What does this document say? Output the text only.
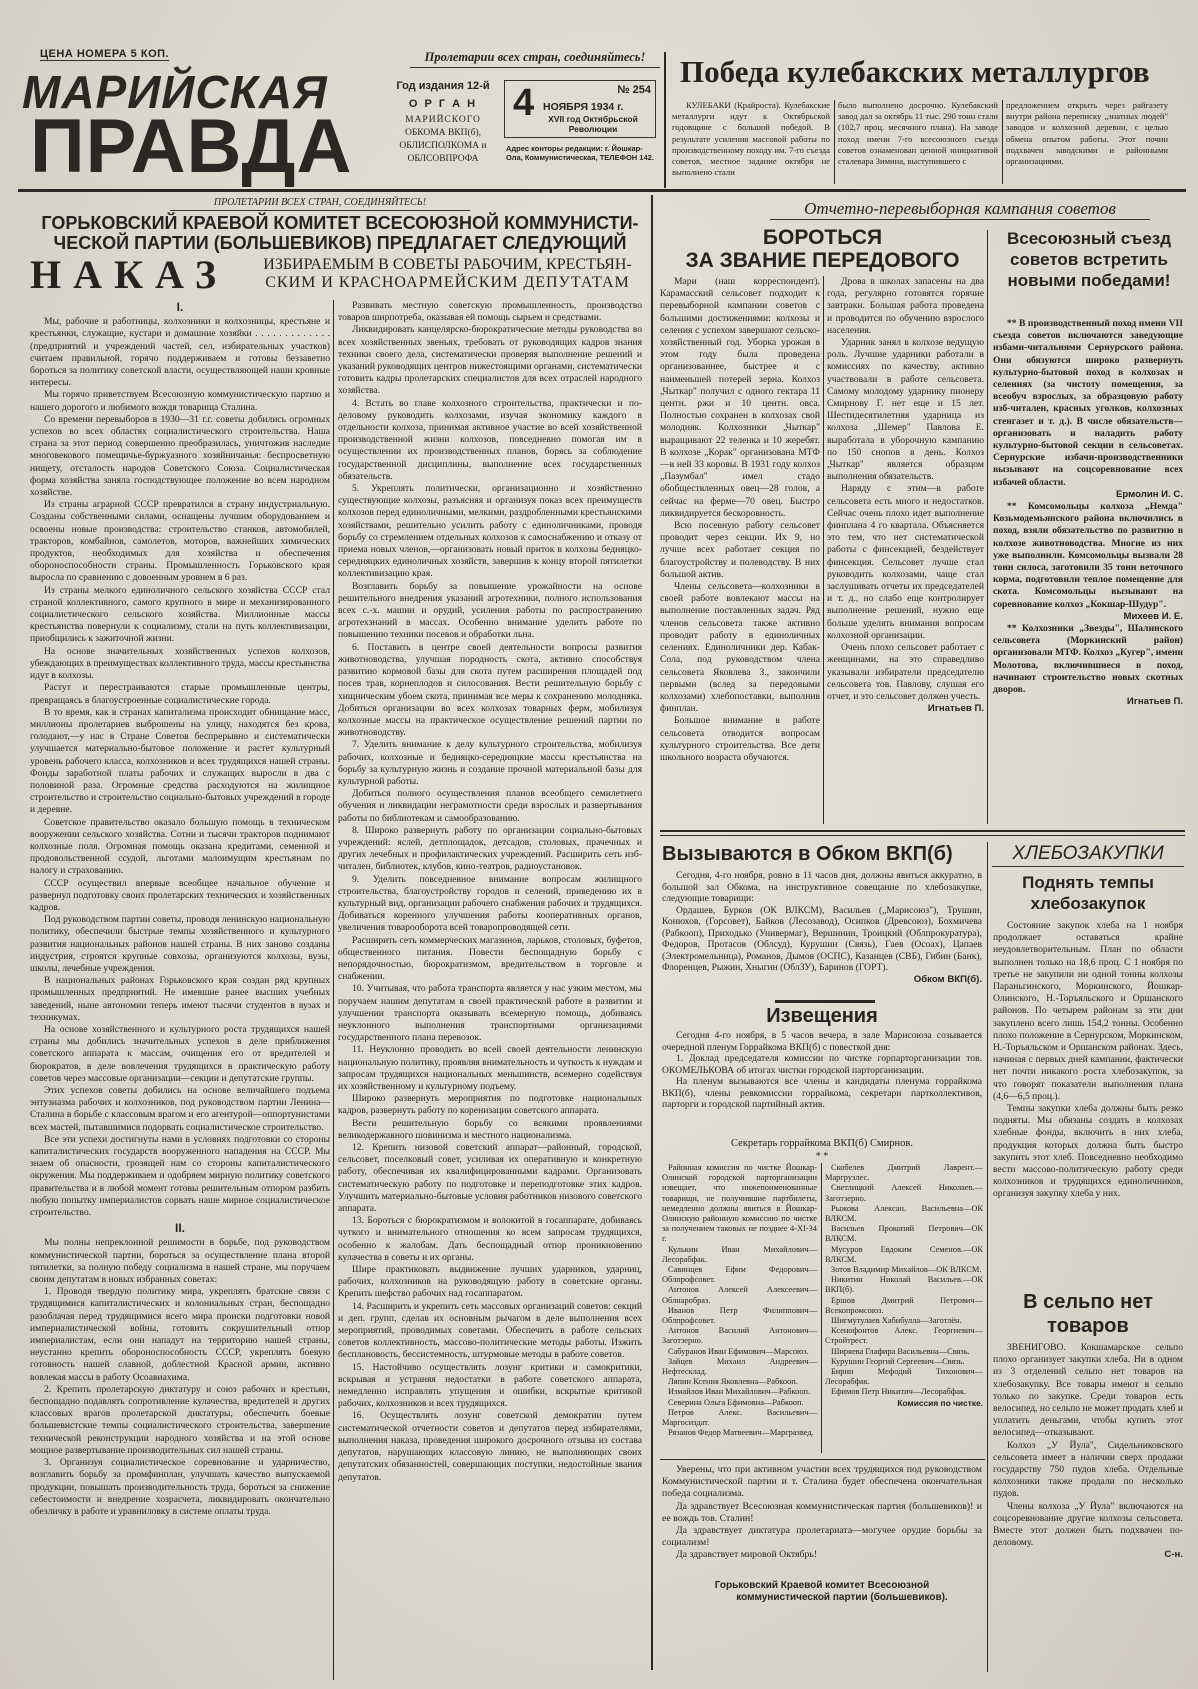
ЦЕНА НОМЕРА 5 КОП.	Пролетарии всех стран, соединяйтесь!
МАРИЙСКАЯ
ПРАВДА
Год издания 12-й
О Р Г А Н
МАРИЙСКОГО
ОБКОМА ВКП(б),
ОБЛИСПОЛКОМА и
ОБЛСОВПРОФА
4	№ 254
НОЯБРЯ 1934 г.
XVII год Октябрьской Революции
Адрес конторы редакции: г. Йошкар-Ола, Коммунистическая, ТЕЛЕФОН 142.
Победа кулебакских металлургов

КУЛЕБАКИ (Крайроста). Кулебакские металлурги идут к Октябрьской годовщине с большой победой. В результате усиления массовой работы по производственному походу им. 7-го съезда советов, местное задание октября не выполнено стали

было выполнено досрочно. Кулебакский завод дал за октябрь 11 тыс. 290 тонн стали (102,7 проц. месячного плана). На заводе поход имени 7-го всесоюзного съезда советов ознаменован ценной инициативой сталевара Зимина, выступившего с

предложением открыть через райгазету внутри района переписку „знатных людей" заводов и колхозной деревни, с целью обмена опытом работы. Этот почин подхвачен заводскими и районными организациями.

ПРОЛЕТАРИИ ВСЕХ СТРАН, СОЕДИНЯЙТЕСЬ!
ГОРЬКОВСКИЙ КРАЕВОЙ КОМИТЕТ ВСЕСОЮЗНОЙ КОММУНИСТИ-
ЧЕСКОЙ ПАРТИИ (БОЛЬШЕВИКОВ) ПРЕДЛАГАЕТ СЛЕДУЮЩИЙ
НАКАЗ	ИЗБИРАЕМЫМ В СОВЕТЫ РАБОЧИМ, КРЕСТЬЯН-
СКИМ И КРАСНОАРМЕЙСКИМ ДЕПУТАТАМ

I.

Мы, рабочие и работницы, колхозники и колхозницы, крестьяне и крестьянки, служащие, кустари и домашние хозяйки . . . . . . . . . . . . . (предприятий и учреждений частей, сел, избирательных участков) считаем правильной, горячо поддерживаем и готовы беззаветно бороться за политику советской власти, осуществляющей наши кровные интересы.

Мы горячо приветствуем Всесоюзную коммунистическую партию и нашего дорогого и любимого вождя товарища Сталина.

Со времени перевыборов в 1930—31 г.г. советы добились огромных успехов во всех областях социалистического строительства. Наша страна за этот период совершенно преобразилась, уничтожив наследие многовекового помещичье-буржуазного хозяйничанья: беспросветную нищету, отсталость народов Советского Союза. Социалистическая форма хозяйства заняла господствующее положение во всем народном хозяйстве.

Из страны аграрной СССР превратился в страну индустриальную. Созданы собственными силами, оснащены лучшим оборудованием и освоены новые производства: строительство станков, автомобилей, тракторов, комбайнов, самолетов, моторов, важнейших химических продуктов, необходимых для хозяйства и обеспечения обороноспособности страны. Промышленность Горьковского края выросла по сравнению с довоенным уровнем в 6 раз.

Из страны мелкого единоличного сельского хозяйства СССР стал страной коллективного, самого крупного в мире и механизированного социалистического сельского хозяйства. Миллионные массы крестьянства повернули к социализму, стали на путь коллективизации, приобщились к зажиточной жизни.

На основе значительных хозяйственных успехов колхозов, убеждающих в преимуществах коллективного труда, массы крестьянства идут в колхозы.

Растут и перестраиваются старые промышленные центры, превращаясь в благоустроенные социалистические города.

В то время, как в странах капитализма происходит обнищание масс, миллионы пролетариев выброшены на улицу, находятся без крова, голодают,—у нас в Стране Советов беспрерывно и систематически улучшается материально-бытовое положение и растет культурный уровень рабочего класса, колхозников и всех трудящихся нашей страны. Фонды заработной платы рабочих и служащих выросли в два с половиной раза. Огромные средства расходуются на жилищное строительство и строительство социально-бытовых учреждений в городе и деревне.

Советское правительство оказало большую помощь в техническом вооружении сельского хозяйства. Сотни и тысячи тракторов поднимают колхозные поля. Огромная помощь оказана кредитами, семенной и продовольственной ссудой, льготами малоимущим крестьянам по налогу и страхованию.

СССР осуществил впервые всеобщее начальное обучение и развернул подготовку своих пролетарских технических и хозяйственных кадров.

Под руководством партии советы, проводя ленинскую национальную политику, обеспечили быстрые темпы хозяйственного и культурного развития национальных районов нашей страны. В них заново созданы индустрия, строятся крупные совхозы, организуются колхозы, вузы, школы, лечебные учреждения.

В национальных районах Горьковского края создан ряд крупных промышленных предприятий. Не имевшие ранее высших учебных заведений, ныне автономии теперь имеют тысячи студентов в вузах и техникумах.

На основе хозяйственного и культурного роста трудящихся нашей страны мы добились значительных успехов в деле приближения советского аппарата к массам, очищения его от вредителей и бюрократов, в деле вовлечения трудящихся в практическую работу советов через массовые организации—секции и депутатские группы.

Этих успехов советы добились на основе величайшего подъема энтузиазма рабочих и колхозников, под руководством партии Ленина—Сталина в борьбе с классовым врагом и его агентурой—оппортунистами всех мастей, пытавшимися подорвать социалистическое строительство.

Все эти успехи достигнуты нами в условиях подготовки со стороны капиталистических государств вооруженного нападения на СССР. Мы знаем об опасности, грозящей нам со стороны капиталистического окружения. Мы поддерживаем и одобряем мирную политику советского правительства и в любой момент готовы решительным отпором разбить любую попытку империалистов сорвать наше мирное социалистическое строительство.

II.

Мы полны непреклонной решимости в борьбе, под руководством коммунистической партии, бороться за осуществление плана второй пятилетки, за полную победу социализма в нашей стране, мы поручаем своим депутатам в новых избранных советах:

1. Проводя твердую политику мира, укреплять братские связи с трудящимися капиталистических и колониальных стран, беспощадно разоблачая перед трудящимися всего мира происки подготовки новой империалистической войны, готовить сокрушительный отпор империалистам, если они нападут на территорию нашей страны, неустанно крепить обороноспособность СССР, укреплять боевую готовность нашей славной, доблестной Красной армии, активно вовлекая массы в работу Осоавиахима.

2. Крепить пролетарскую диктатуру и союз рабочих и крестьян, беспощадно подавлять сопротивление кулачества, вредителей и других классовых врагов пролетарской диктатуры, обеспечить боевые большевистские темпы социалистического строительства, завершение технической реконструкции народного хозяйства и на этой основе мощное развертывание производительных сил нашей страны.

3. Организуя социалистическое соревнование и ударничество, возглавить борьбу за промфинплан, улучшать качество выпускаемой продукции, повышать производительность труда, бороться за снижение себестоимости и внедрение хозрасчета, ликвидировать окончательно обезличку в работе и уравниловку в системе оплаты труда.

Развивать местную советскую промышленность, производство товаров ширпотреба, оказывая ей помощь сырьем и средствами.

Ликвидировать канцелярско-бюрократические методы руководства во всех хозяйственных звеньях, требовать от руководящих кадров знания техники своего дела, систематически проверяя выполнение решений и указаний руководящих центров нижестоящими органами, систематически готовить кадры пролетарских специалистов для всех отраслей народного хозяйства.

4. Встать во главе колхозного строительства, практически и по-деловому руководить колхозами, изучая экономику каждого в отдельности колхоза, принимая активное участие во всей хозяйственной производственной жизни колхозов, повседневно помогая им в осуществлении их производственных планов, борясь за соблюдение государственной дисциплины, выполнение всех государственных обязательств.

5. Укреплять политически, организационно и хозяйственно существующие колхозы, разъясняя и организуя показ всех преимуществ колхозов перед единоличными, мелкими, раздробленными крестьянскими хозяйствами, решительно усилить работу с единоличниками, проводя борьбу со стремлением отдельных колхозов к самоснабжению и отказу от приема новых членов,—организовать новый приток в колхозы бедняцко-середняцких единоличных хозяйств, завершив к концу второй пятилетки коллективизацию края.

Возглавить борьбу за повышение урожайности на основе решительного внедрения указаний агротехники, полного использования всех с.-х. машин и орудий, усиления работы по распространению агротехзнаний в массах. Особенно внимание уделить работе по повышению техники посевов и обработки льна.

6. Поставить в центре своей деятельности вопросы развития животноводства, улучшая породность скота, активно способствуя развитию кормовой базы для скота путем расширения площадей под посев трав, корнеплодов и силосования. Вести решительную борьбу с хищническим убоем скота, принимая все меры к сохранению молодняка. Добиться организации во всех колхозах товарных ферм, мобилизуя колхозные массы на практическое осуществление решений партии по животноводству.

7. Уделить внимание к делу культурного строительства, мобилизуя рабочих, колхозные и бедняцко-середняцкие массы крестьянства на борьбу за культурную жизнь и создание прочной материальной базы для культурной работы.

Добиться полного осуществления планов всеобщего семилетнего обучения и ликвидации неграмотности среди взрослых и развертывания работы по библиотекам и самообразованию.

8. Широко развернуть работу по организации социально-бытовых учреждений: яслей, детплощадок, детсадов, столовых, прачечных и других лечебных и профилактических учреждений. Расширить сеть изб-читален, библиотек, клубов, кино-театров, радиоустановок.

9. Уделить повседневное внимание вопросам жилищного строительства, благоустройству городов и селений, приведению их в культурный вид, организации рабочего снабжения рабочих и трудящихся. Добиваться коренного улучшения работы кооперативных органов, увеличения товарооборота всей товаропроводящей сети.

Расширить сеть коммерческих магазинов, ларьков, столовых, буфетов, общественного питания. Повести беспощадную борьбу с непорядочностью, бюрократизмом, вредительством в торговле и снабжении.

10. Учитывая, что работа транспорта является у нас узким местом, мы поручаем нашим депутатам в своей практической работе в развитии и улучшении транспорта оказывать всемерную помощь, добиваясь неуклонного выполнения транспортными организациями государственного плана перевозок.

11. Неуклонно проводить во всей своей деятельности ленинскую национальную политику, проявляя внимательность и чуткость к нуждам и запросам трудящихся национальных меньшинств, всемерно содействуя их хозяйственному и культурному подъему.

Широко развернуть мероприятия по подготовке национальных кадров, развернуть работу по коренизации советского аппарата.

Вести решительную борьбу со всякими проявлениями великодержавного шовинизма и местного национализма.

12. Крепить низовой советский аппарат—районный, городской, сельсовет, поселковый совет, усиливая их оперативную и конкретную работу, обеспечивая их квалифицированными кадрами. Организовать систематическую работу по подготовке и переподготовке этих кадров. Улучшить материально-бытовые условия работников низового советского аппарата.

13. Бороться с бюрократизмом и волокитой в госаппарате, добиваясь чуткого и внимательного отношения ко всем запросам трудящихся, особенно к жалобам. Дать беспощадный отпор проникновению кулачества в советы и их органы.

Шире практиковать выдвижение лучших ударников, ударниц, рабочих, колхозников на руководящую работу в советские органы. Крепить шефство рабочих над госаппаратом.

14. Расширить и укрепить сеть массовых организаций советов: секций и деп. групп, сделав их основным рычагом в деле выполнения всех мероприятий, проводимых советами. Обеспечить в работе сельских советов коллективность, массово-политические методы работы. Изжить бесплановость, бессистемность, штурмовые методы в работе советов.

15. Настойчиво осуществлять лозунг критики и самокритики, вскрывая и устраняя недостатки в работе советского аппарата, немедленно исправлять упущения и ошибки, вскрытые критикой рабочих, колхозников и всех трудящихся.

16. Осуществлять лозунг советской демократии путем систематической отчетности советов и депутатов перед избирателями, выполнения наказа, проведения широкого досрочного отзыва из состава депутатов, нарушающих классовую линию, не выполняющих своих депутатских обязанностей, совершающих поступки, недостойные звания депутатов.

Отчетно-перевыборная кампания советов
БОРОТЬСЯ
ЗА ЗВАНИЕ ПЕРЕДОВОГО

Мари (наш корреспондент). Карамасский сельсовет подходит к перевыборной кампании советов с большими достижениями: колхозы и селения с успехом завершают сельско-хозяйственный год. Уборка урожая в этом году была проведена организованнее, быстрее и с наименьшей потерей зерна. Колхоз „Чыткар" получил с одного гектара 11 центн. ржи и 10 центн. овса. Полностью сохранен в колхозах свой молодняк. Колхозники „Чыткар" выращивают 22 теленка и 10 жеребят. В колхозе „Корак" организована МТФ—в ней 33 коровы. В 1931 году колхоз „Пазумбал" имел стадо обобществленных овец—28 голов, а сейчас на ферме—70 овец. Быстро ликвидируется бескоровность.

Всю посевную работу сельсовет проводит через секции. Их 9, но лучше всех работает секция по благоустройству и полеводству. В них большой актив.

Члены сельсовета—колхозники в своей работе вовлекают массы на выполнение поставленных задач. Ряд членов сельсовета также активно проводит работу в единоличных селениях. Единоличники дер. Кабак-Сола, под руководством члена сельсовета Яковлева З., закончили первыми (вслед за передовыми колхозами) хлебопоставки, выполнив финплан.

Большое внимание в работе сельсовета отводится вопросам культурного строительства. Все дети школьного возраста обучаются.

Дрова в школах запасены на два года, регулярно готовятся горячие завтраки. Большая работа проведена и проводится по обучению взрослого населения.

Ударник занял в колхозе ведущую роль. Лучшие ударники работали в комиссиях по качеству, активно участвовали в работе сельсовета. Самому молодому ударнику пионеру Смирнову Г. нет еще и 15 лет. Шестидесятилетняя ударница из колхоза „Шемер" Павлова Е. выработала в уборочную кампанию по 150 снопов в день. Колхоз „Чыткар" является образцом выполнения обязательств.

Наряду с этим—в работе сельсовета есть много и недостатков. Сейчас очень плохо идет выполнение финплана 4 го квартала. Объясняется это тем, что нет систематической работы с финсекцией, бездействует финсекция. Сельсовет лучше стал руководить колхозами, чаще стал заслушивать отчеты их председателей и т. д., но слабо еще контролирует выполнение решений, нужно еще больше уделять внимания вопросам колхозной организации.

Очень плохо сельсовет работает с женщинами, на это справедливо указывали избиратели председателю сельсовета тов. Павлову, слушая его отчет, и это сельсовет должен учесть.

Игнатьев П.

Всесоюзный съезд советов встретить новыми победами!

** В производственный поход имени VII съезда советов включаются заведующие избами-читальнями Сернурского района. Они обязуются широко развернуть культурно-бытовой поход в колхозах и селениях (за чистоту помещения, за всеобуч взрослых, за образцовую работу изб-читален, красных уголков, колхозных стенгазет и т. д.). В числе обязательств—организовать и наладить работу культурно-бытовой секции в сельсоветах. Сернурские избачи-производственники вызывают на соцсоревнование всех избачей области.

Ермолин И. С.

** Комсомольцы колхоза „Немда" Козьмодемьянского района включились в поход, взяли обязательство по развитию в колхозе животноводства. Многие из них уже выполнили. Комсомольцы вызвали 28 тонн силоса, заготовили 35 тонн веточного корма, подготовили теплое помещение для скота. Комсомольцы вызывают на соревнование колхоз „Кокшар-Шудур".

Михеев И. Е.

** Колхозники „Звезды", Шалинского сельсовета (Моркинский район) организовали МТФ. Колхоз „Кугер", имени Молотова, включившиеся в поход, начинают строительство новых скотных дворов.

Игнатьев П.

Вызываются в Обком ВКП(б)

Сегодня, 4-го ноября, ровно в 11 часов дня, должны явиться аккуратно, в большой зал Обкома, на инструктивное совещание по хлебозакупке, следующие товарищи:

Ордашев, Бурков (ОК ВЛКСМ), Васильев („Марисоюз"), Трушин, Конюхов, (Горсовет), Байков (Лесозавод), Осипков (Древсоюз), Бохмичева (Рабкооп), Приходько (Универмаг), Вершинин, Троицкий (Облпрокуратура), Федоров, Протасов (Облсуд), Курушин (Связь), Гаев (Осоах), Цапаев (Электромельница), Романов, Дымов (ОСПС), Казанцев (СВБ), Гибин (Банк), Флоренцев, Рыжин, Хныгин (ОблЗУ), Баринов (ГОРТ).

Обком ВКП(б).

Извещения

Сегодня 4-го ноября, в 5 часов вечера, в зале Марисоюза созывается очередной пленум Горрайкома ВКП(б) с повесткой дня:

1. Доклад председателя комиссии по чистке горпарторганизации тов. ОКОМЕЛЬКОВА об итогах чистки городской парторганизации.

На пленум вызываются все члены и кандидаты пленума горрайкома ВКП(б), члены ревкомиссии горрайкома, секретари партколлективов, парторги и городской партийный актив.

Секретарь горрайкома ВКП(б) Смирнов.
* *

Районная комиссия по чистке Йошкар-Олинской городской парторганизации извещает, что нижепоименованные товарищи, не получившие партбилеты, немедленно должны явиться в Йошкар-Олинскую районную комиссию по чистке за получением таковых не позднее 4-XI-34 г.

Кулькин Иван Михайлович—Лесорабфак.

Савинцев Ефим Федорович—Облпрофсовет.

Антонов Алексей Алексеевич—Облнаробраз.

Иванов Петр Филиппович—Облпрофсовет.

Антонов Василий Антонович—Заготзерно.

Сабуранов Иван Ефимович—Марсоюз.

Зайцев Михаил Андреевич—Нефтесклад.

Ляпин Ксения Яковлевна—Рабкооп.

Измайлов Иван Михайлович—Рабкооп.

Северина Ольга Ефимовна—Рабкооп.

Петров Алекс. Васильевич—Маргосиздат.

Рязанов Федор Матвеевич—Маргразвед.

Скобелев Дмитрий Лаврент.—Маргрузлес.

Светлицкий Алексей Николаев.—Заготзерно.

Рыжова Алексан. Васильевна—ОК ВЛКСМ.

Васильев Прокопий Петрович—ОК ВЛКСМ.

Мусуров Евдоким Семенов.—ОК ВЛКСМ.

Зотов Владимир Михайлов—ОК ВЛКСМ.

Никитин Николай Васильев.—ОК ВКП(б).

Ершов Дмитрий Петрович—Всекопромсоюз.

Шигмутулаев Хабибулла—Заготлён.

Ксенофонтов Алекс. Георгиевич—Стройтрест.

Ширяева Глафира Васильевна—Связь.

Курушин Георгий Сергеевич—Связь.

Бирин Мефодий Тихонович—Лесорабфак.

Ефимов Петр Никитич—Лесорабфак.

Комиссия по чистке.

Уверены, что при активном участии всех трудящихся под руководством Коммунистической партии и т. Сталина будет обеспечена окончательная победа социализма.

Да здравствует Всесоюзная коммунистическая партия (большевиков)! и ее вождь тов. Сталин!

Да здравствует диктатура пролетариата—могучее орудие борьбы за социализм!

Да здравствует мировой Октябрь!

Горьковский Краевой комитет Всесоюзной
коммунистической партии (большевиков).
ХЛЕБОЗАКУПКИ
Поднять темпы хлебозакупок

Состояние закупок хлеба на 1 ноября продолжает оставаться крайне неудовлетворительным. План по области выполнен только на 18,6 проц. С 1 ноября по третье не закупили ни одной тонны колхозы Параньгинского, Моркинского, Йошкар-Олинского, Н.-Торъяльского и Оршанского районов. По четырем районам за эти дни закуплено всего лишь 154,2 тонны. Особенно плохо положение в Сернурском, Моркинском, Н.-Торъяльском и Оршанском районах. Здесь, начиная с первых дней кампании, фактически нет почти никакого роста хлебозакупок, за что говорят показатели выполнения плана (4,6—6,5 проц.).

Темпы закупки хлеба должны быть резко подняты. Мы обязаны создать в колхозах хлебные фонды, включить в них хлеба, продукция которых должна быть быстро закупить этот хлеб. Повседневно необходимо вести массово-политическую работу среди колхозников и трудящихся единоличников, организуя закупку хлеба у них.

В сельпо нет товаров

ЗВЕНИГОВО. Кокшамарское сельпо плохо организует закупки хлеба. Ни в одном из 3 отделений сельпо нет товаров на хлебозакупку. Все товары имеют в сельпо только по закупке. Среди товаров есть велосипед, но сельпо не может продать хлеб и уплатить деньгами, чтобы купить этот велосипед—отказывают.

Колхоз „У Йула", Сидельниковского сельсовета имеет в наличии сверх продажи государству 750 пудов хлеба. Отдельные колхозники также продали по несколько пудов.

Члены колхоза „У Йула" включаются на соцсоревнование другие колхозы сельсовета. Вместе этот должен быть подхвачен по-деловому.

С-н.
